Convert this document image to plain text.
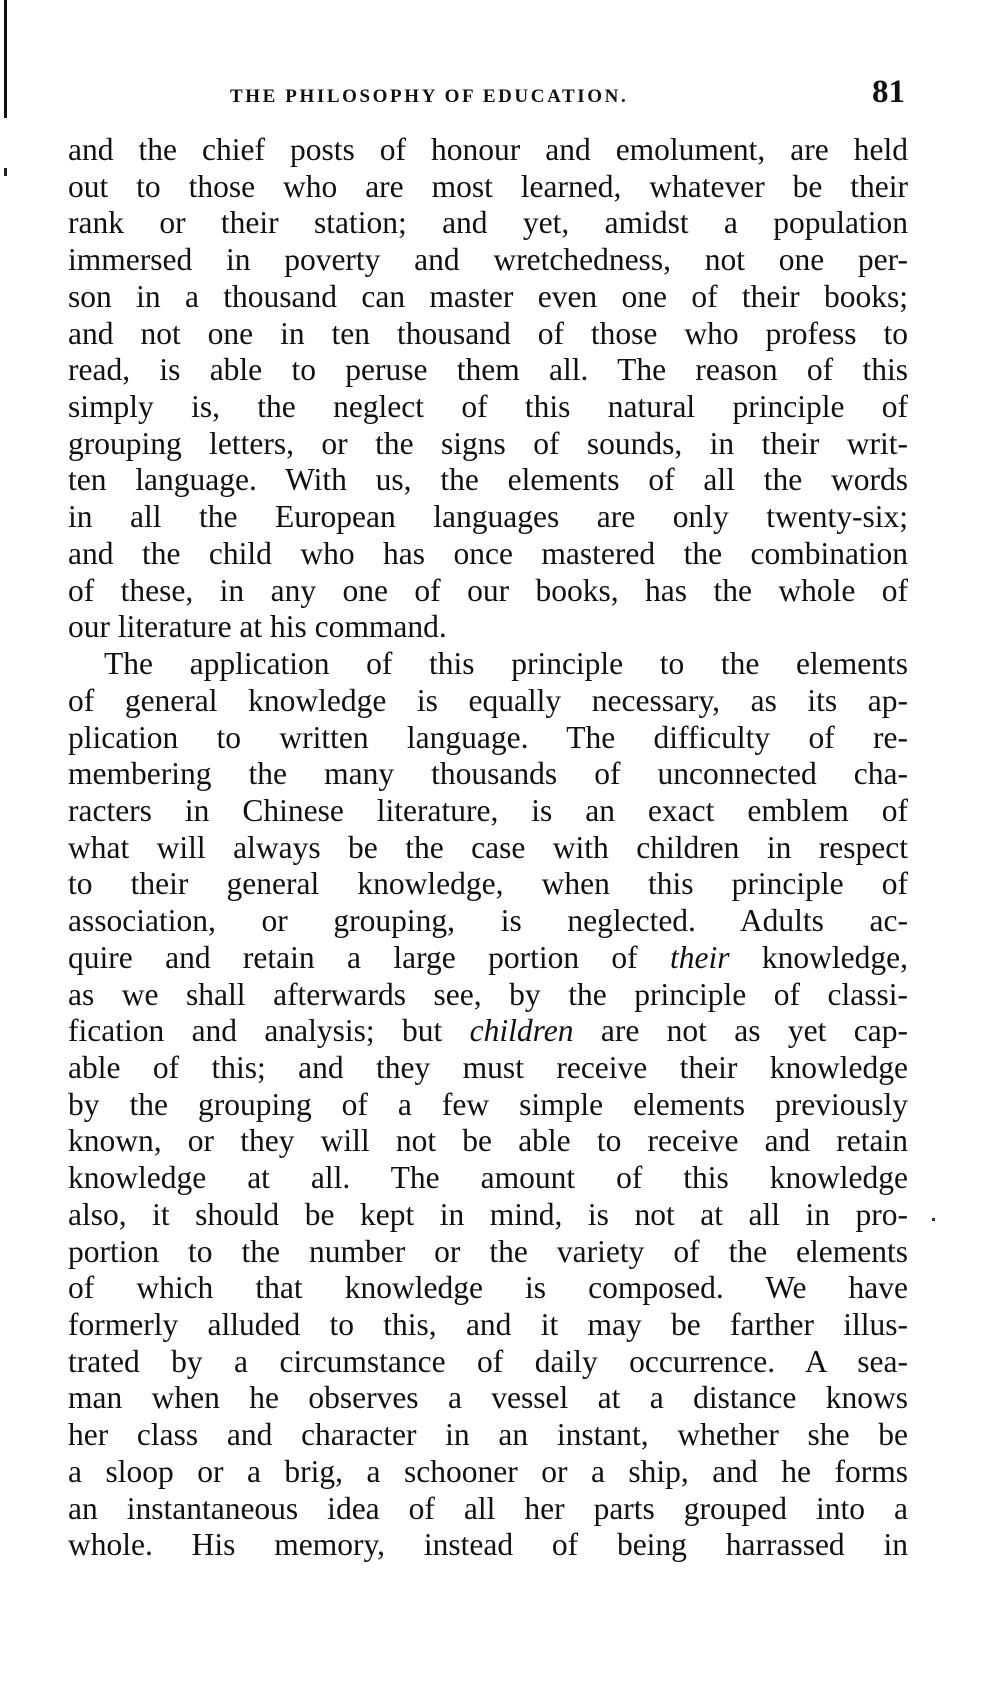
THE PHILOSOPHY OF EDUCATION.	81
and the chief posts of honour and emolument, are held
out to those who are most learned, whatever be their
rank or their station; and yet, amidst a population
immersed in poverty and wretchedness, not one per-
son in a thousand can master even one of their books;
and not one in ten thousand of those who profess to
read, is able to peruse them all. The reason of this
simply is, the neglect of this natural principle of
grouping letters, or the signs of sounds, in their writ-
ten language. With us, the elements of all the words
in all the European languages are only twenty-six;
and the child who has once mastered the combination
of these, in any one of our books, has the whole of
our literature at his command.
The application of this principle to the elements
of general knowledge is equally necessary, as its ap-
plication to written language. The difficulty of re-
membering the many thousands of unconnected cha-
racters in Chinese literature, is an exact emblem of
what will always be the case with children in respect
to their general knowledge, when this principle of
association, or grouping, is neglected. Adults ac-
quire and retain a large portion of their knowledge,
as we shall afterwards see, by the principle of classi-
fication and analysis; but children are not as yet cap-
able of this; and they must receive their knowledge
by the grouping of a few simple elements previously
known, or they will not be able to receive and retain
knowledge at all. The amount of this knowledge
also, it should be kept in mind, is not at all in pro-
portion to the number or the variety of the elements
of which that knowledge is composed. We have
formerly alluded to this, and it may be farther illus-
trated by a circumstance of daily occurrence. A sea-
man when he observes a vessel at a distance knows
her class and character in an instant, whether she be
a sloop or a brig, a schooner or a ship, and he forms
an instantaneous idea of all her parts grouped into a
whole. His memory, instead of being harrassed in
